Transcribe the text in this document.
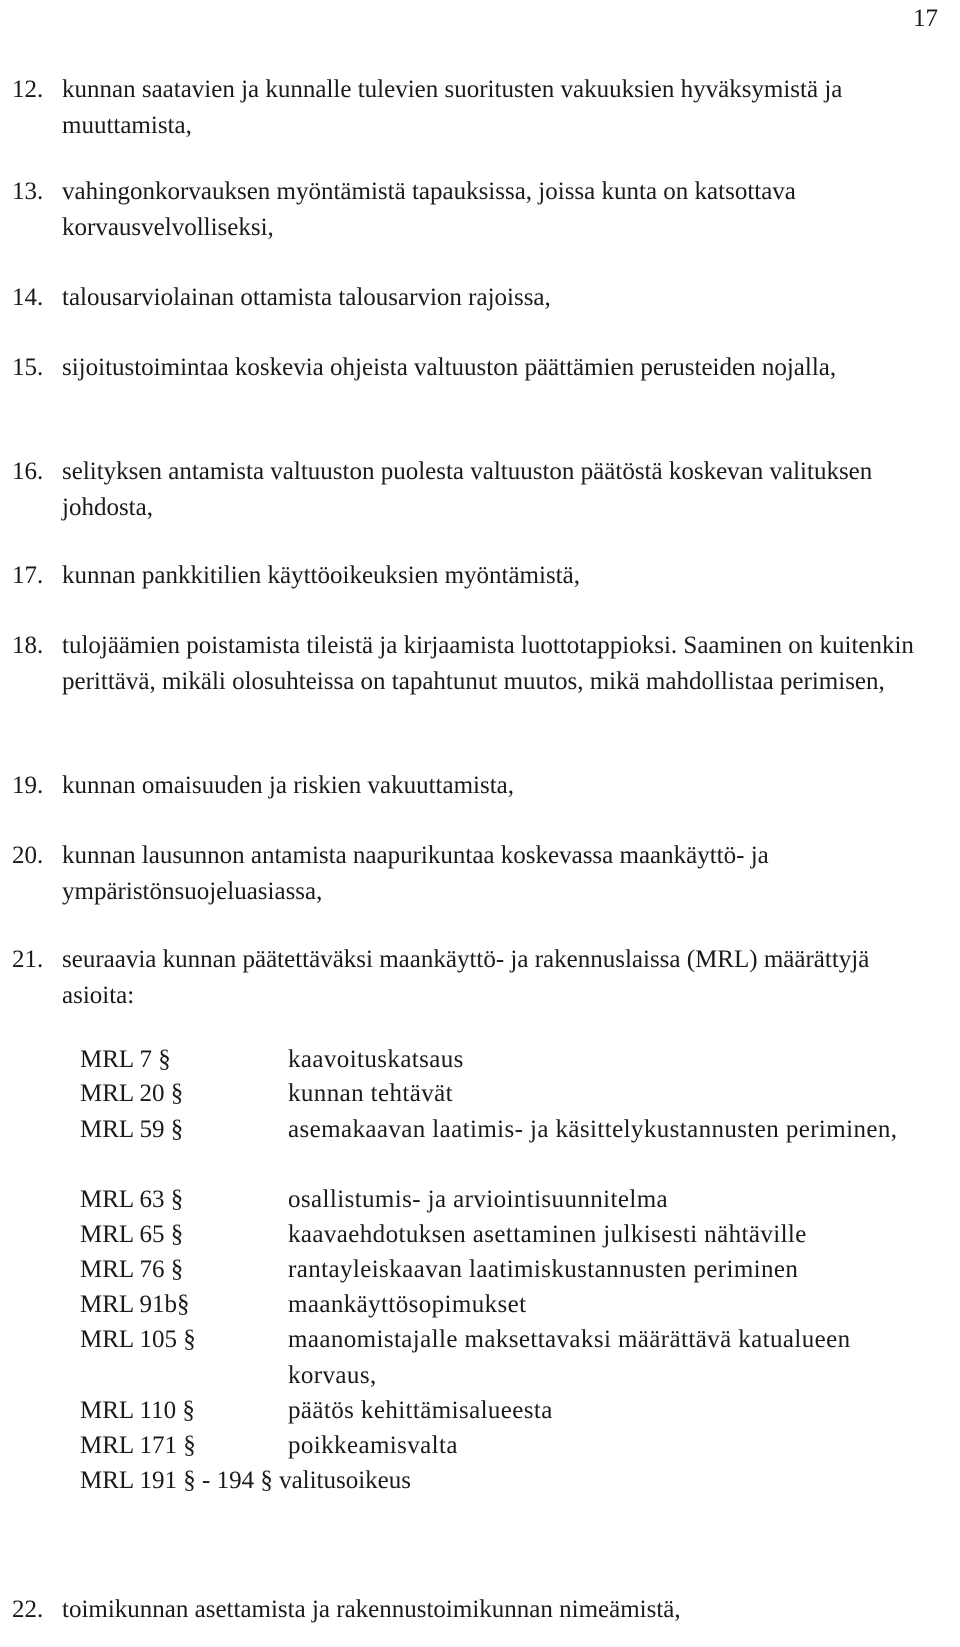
17
12. kunnan saatavien ja kunnalle tulevien suoritusten vakuuksien hyväksymistä ja muuttamista,
13. vahingonkorvauksen myöntämistä tapauksissa, joissa kunta on katsottava korvausvelvolliseksi,
14. talousarviolainan ottamista talousarvion rajoissa,
15. sijoitustoimintaa koskevia ohjeista valtuuston päättämien perusteiden nojalla,
16. selityksen antamista valtuuston puolesta valtuuston päätöstä koskevan valituksen johdosta,
17. kunnan pankkitilien käyttöoikeuksien myöntämistä,
18. tulojäämien poistamista tileistä ja kirjaamista luottotappioksi. Saaminen on kuitenkin perittävä, mikäli olosuhteissa on tapahtunut muutos, mikä mahdollistaa perimisen,
19. kunnan omaisuuden ja riskien vakuuttamista,
20. kunnan lausunnon antamista naapurikuntaa koskevassa maankäyttö- ja ympäristönsuojeluasiassa,
21. seuraavia kunnan päätettäväksi maankäyttö- ja rakennuslaissa (MRL) määrättyjä asioita:
MRL 7 §	kaavoituskatsaus
MRL 20 §	kunnan tehtävät
MRL 59 §	asemakaavan laatimis- ja käsittelykustannusten periminen,
MRL 63 §	osallistumis- ja arviointisuunnitelma
MRL 65 §	kaavaehdotuksen asettaminen julkisesti nähtäville
MRL 76 §	rantayleiskaavan laatimiskustannusten periminen
MRL 91b§	maankäyttösopimukset
MRL 105 §	maanomistajalle maksettavaksi määrättävä katualueen korvaus,
MRL 110 §	päätös kehittämisalueesta
MRL 171 §	poikkeamisvalta
MRL 191 § - 194 § valitusoikeus
22. toimikunnan asettamista ja rakennustoimikunnan nimeämistä,
